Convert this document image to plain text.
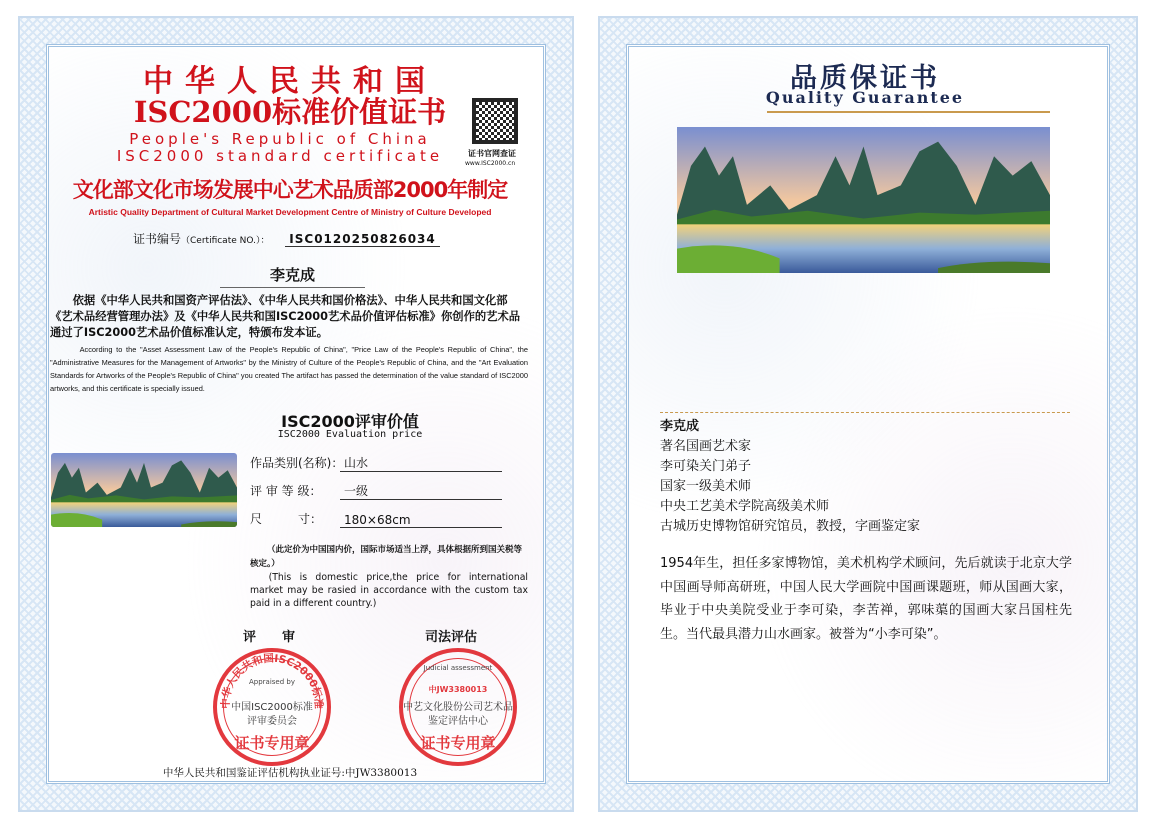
中华人民共和国
ISC2000标准价值证书
People's Republic of China
ISC2000 standard certificate	证书官网查证
www.ISC2000.cn
文化部文化市场发展中心艺术品质部2000年制定
Artistic Quality Department of Cultural Market Development Centre of Ministry of Culture Developed
证书编号（Certificate NO.）： ISC0120250826034
李克成
依据《中华人民共和国资产评估法》、《中华人民共和国价格法》、中华人民共和国文化部《艺术品经营管理办法》及《中华人民共和国ISC2000艺术品价值评估标准》你创作的艺术品通过了ISC2000艺术品价值标准认定，特颁布发本证。
According to the "Asset Assessment Law of the People's Republic of China", "Price Law of the People's Republic of China", the "Administrative Measures for the Management of Artworks" by the Ministry of Culture of the People's Republic of China, and the "Art Evaluation Standards for Artworks of the People's Republic of China" you created The artifact has passed the determination of the value standard of ISC2000 artworks, and this certificate is specially issued.
ISC2000评审价值
ISC2000 Evaluation price
作品类别(名称)： 山水
评 审 等 级：	一级
尺　　　寸：	180×68cm
（此定价为中国国内价，国际市场适当上浮，具体根据所到国关税等核定。）
(This is domestic price,the price for international market may be rasied in accordance with the custom tax paid in a different country.)
评　　审	司法评估
中华人民共和国ISC2000标准
Appraised by
中国ISC2000标准
评审委员会
证书专用章
Judicial assessment
中JW3380013
中艺文化股份公司艺术品
鉴定评估中心
证书专用章
中华人民共和国鉴证评估机构执业证号:中JW3380013
品质保证书
Quality Guarantee
李克成
著名国画艺术家
李可染关门弟子
国家一级美术师
中央工艺美术学院高级美术师
古城历史博物馆研究馆员，教授，字画鉴定家
1954年生，担任多家博物馆，美术机构学术顾问，先后就读于北京大学中国画导师高研班，中国人民大学画院中国画课题班，师从国画大家，毕业于中央美院受业于李可染，李苦禅，郭味蕖的国画大家吕国柱先生。当代最具潜力山水画家。被誉为“小李可染”。
